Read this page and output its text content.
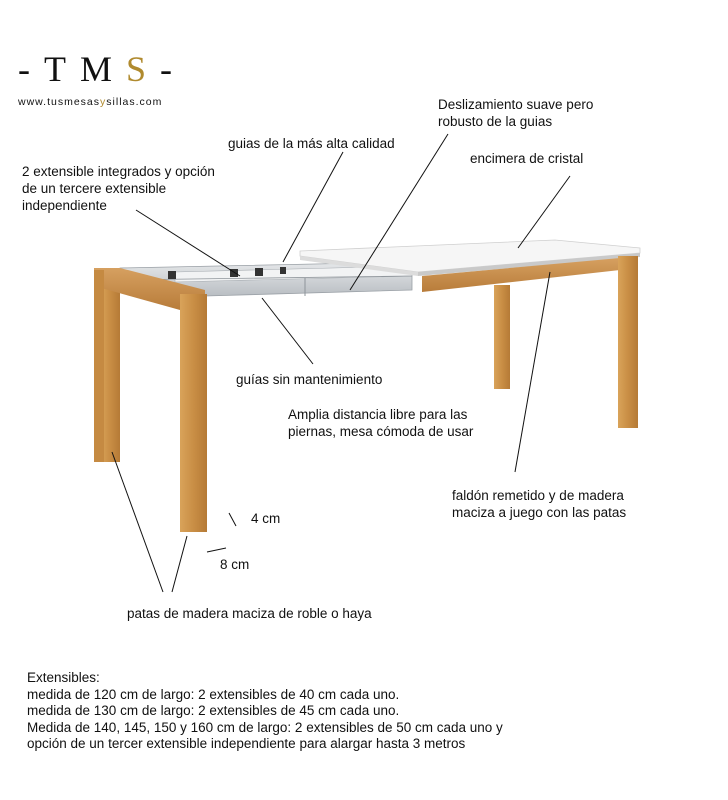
-TMS-
www.tusmesasysillas.com
guias de la más alta calidad
Deslizamiento suave pero
robusto de la guias
2 extensible integrados y opción
de un tercere extensible
independiente
encimera de cristal
guías sin mantenimiento
Amplia distancia libre para las
piernas, mesa cómoda de usar
faldón remetido y de madera
maciza a juego con las patas
4 cm
8 cm
patas de madera maciza de roble o haya
Extensibles:
medida de 120 cm de largo: 2 extensibles de 40 cm cada uno.
medida de 130 cm de largo: 2 extensibles de 45 cm cada uno.
Medida de 140, 145, 150 y 160 cm de largo: 2 extensibles de 50 cm cada uno y
opción de un tercer extensible independiente para alargar hasta 3 metros
